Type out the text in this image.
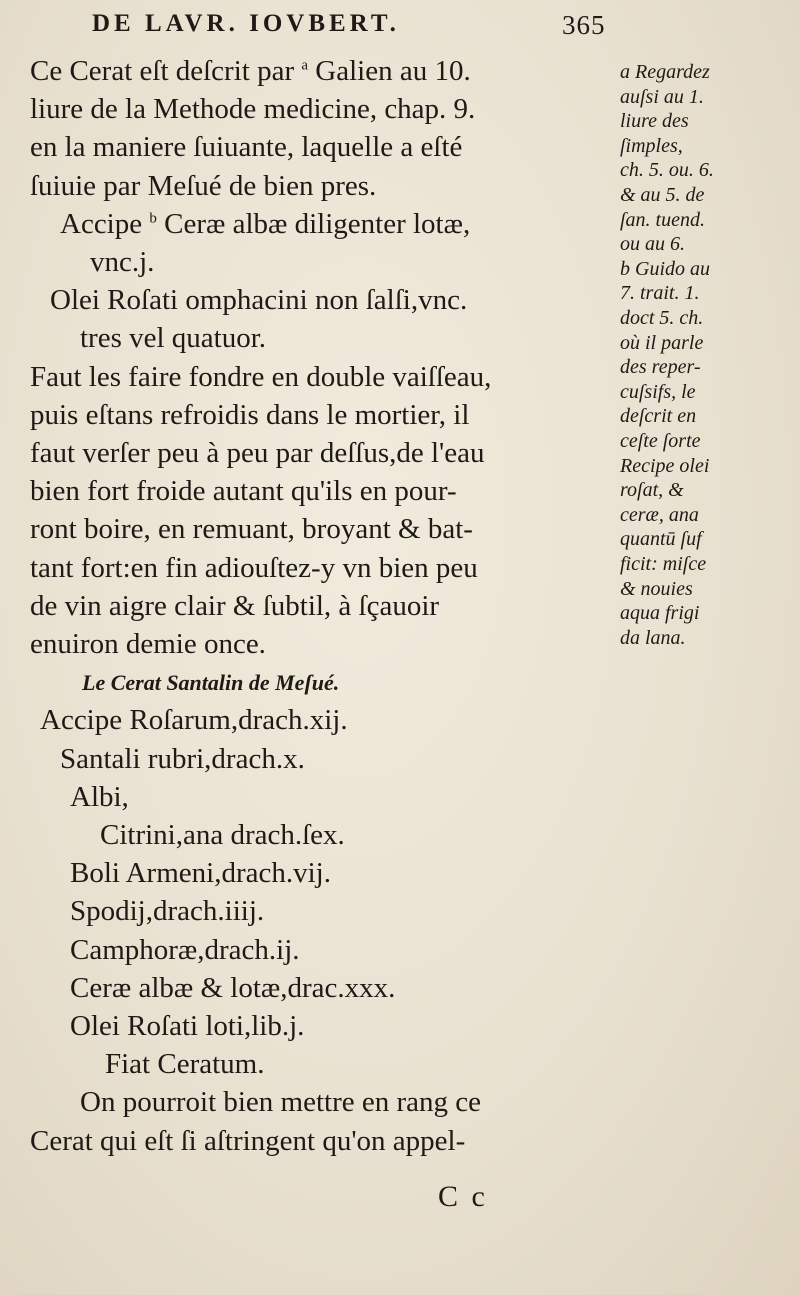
DE LAVR. IOVBERT.	365
Ce Cerat eſt deſcrit par $^a$ Galien au 10.
liure de la Methode medicine, chap. 9.
en la maniere ſuiuante, laquelle a eſté
ſuiuie par Meſué de bien pres.
Accipe $^b$ Ceræ albæ diligenter lotæ,
vnc.j.
Olei Roſati omphacini non ſalſi,vnc.
tres vel quatuor.
Faut les faire fondre en double vaiſſeau,
puis eſtans refroidis dans le mortier, il
faut verſer peu à peu par deſſus,de l'eau
bien fort froide autant qu'ils en pour-
ront boire, en remuant, broyant & bat-
tant fort:en fin adiouſtez-y vn bien peu
de vin aigre clair & ſubtil, à ſçauoir
enuiron demie once.
Le Cerat Santalin de Meſué.
Accipe Roſarum,drach.xij.
Santali rubri,drach.x.
Albi,
Citrini,ana drach.ſex.
Boli Armeni,drach.vij.
Spodij,drach.iiij.
Camphoræ,drach.ij.
Ceræ albæ & lotæ,drac.xxx.
Olei Roſati loti,lib.j.
Fiat Ceratum.
On pourroit bien mettre en rang ce
Cerat qui eſt ſi aſtringent qu'on appel-
a Regardez
auſsi au 1.
liure des
ſimples,
ch. 5. ou. 6.
& au 5. de
ſan. tuend.
ou au 6.
b Guido au
7. trait. 1.
doct 5. ch.
où il parle
des reper-
cuſsifs, le
deſcrit en
ceſte ſorte
Recipe olei
roſat, &
ceræ, ana
quantū ſuf
ficit: miſce
& nouies
aqua frigi
da lana.
C c
